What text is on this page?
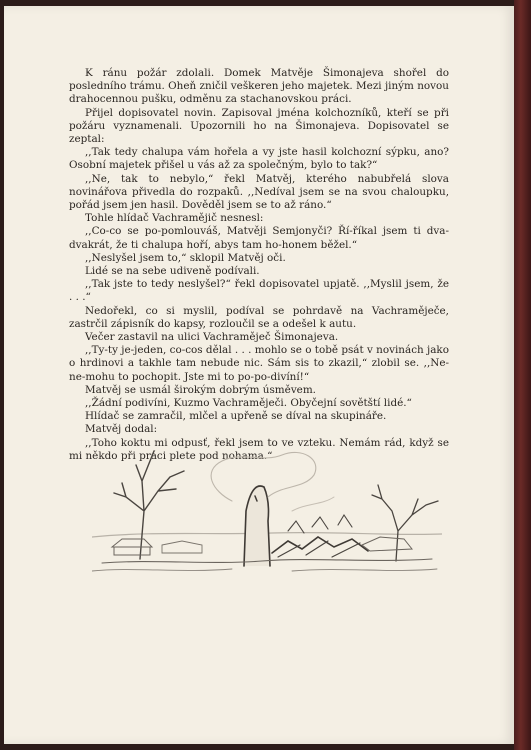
K ránu požár zdolali. Domek Matvěje Šimonajeva shořel do posledního trámu. Oheň zničil veškeren jeho majetek. Mezi jiným novou drahocennou pušku, odměnu za stachanovskou práci.

Přijel dopisovatel novin. Zapisoval jména kolchozníků, kteří se při požáru vyznamenali. Upozornili ho na Šimonajeva. Dopisovatel se zeptal:

,,Tak tedy chalupa vám hořela a vy jste hasil kolchozní sýpku, ano? Osobní majetek přišel u vás až za společným, bylo to tak?“

,,Ne, tak to nebylo,“ řekl Matvěj, kterého nabubřelá slova novinářova přivedla do rozpaků. ,,Nedíval jsem se na svou chaloupku, pořád jsem jen hasil. Dověděl jsem se to až ráno.“

Tohle hlídač Vachramějič nesnesl:

,,Co-co se po-pomlouváš, Matvěji Semjonyči? Ří-říkal jsem ti dva-dvakrát, že ti chalupa hoří, abys tam ho-honem běžel.“

,,Neslyšel jsem to,“ sklopil Matvěj oči.

Lidé se na sebe udiveně podívali.

,,Tak jste to tedy neslyšel?“ řekl dopisovatel upjatě. ,,Myslil jsem, že . . .“

Nedořekl, co si myslil, podíval se pohrdavě na Vachraměječe, zastrčil zápisník do kapsy, rozloučil se a odešel k autu.

Večer zastavil na ulici Vachraměječ Šimonajeva.

,,Ty-ty je-jeden, co-cos dělal . . . mohlo se o tobě psát v novinách jako o hrdinovi a takhle tam nebude nic. Sám sis to zkazil,“ zlobil se. ,,Ne-ne-mohu to pochopit. Jste mi to po-po-divíní!“

Matvěj se usmál širokým dobrým úsměvem.

,,Žádní podivíni, Kuzmo Vachraměječi. Obyčejní sovětští lidé.“

Hlídač se zamračil, mlčel a upřeně se díval na skupináře.

Matvěj dodal:

,,Toho koktu mi odpusť, řekl jsem to ve vzteku. Nemám rád, když se mi někdo při práci plete pod nohama.“
